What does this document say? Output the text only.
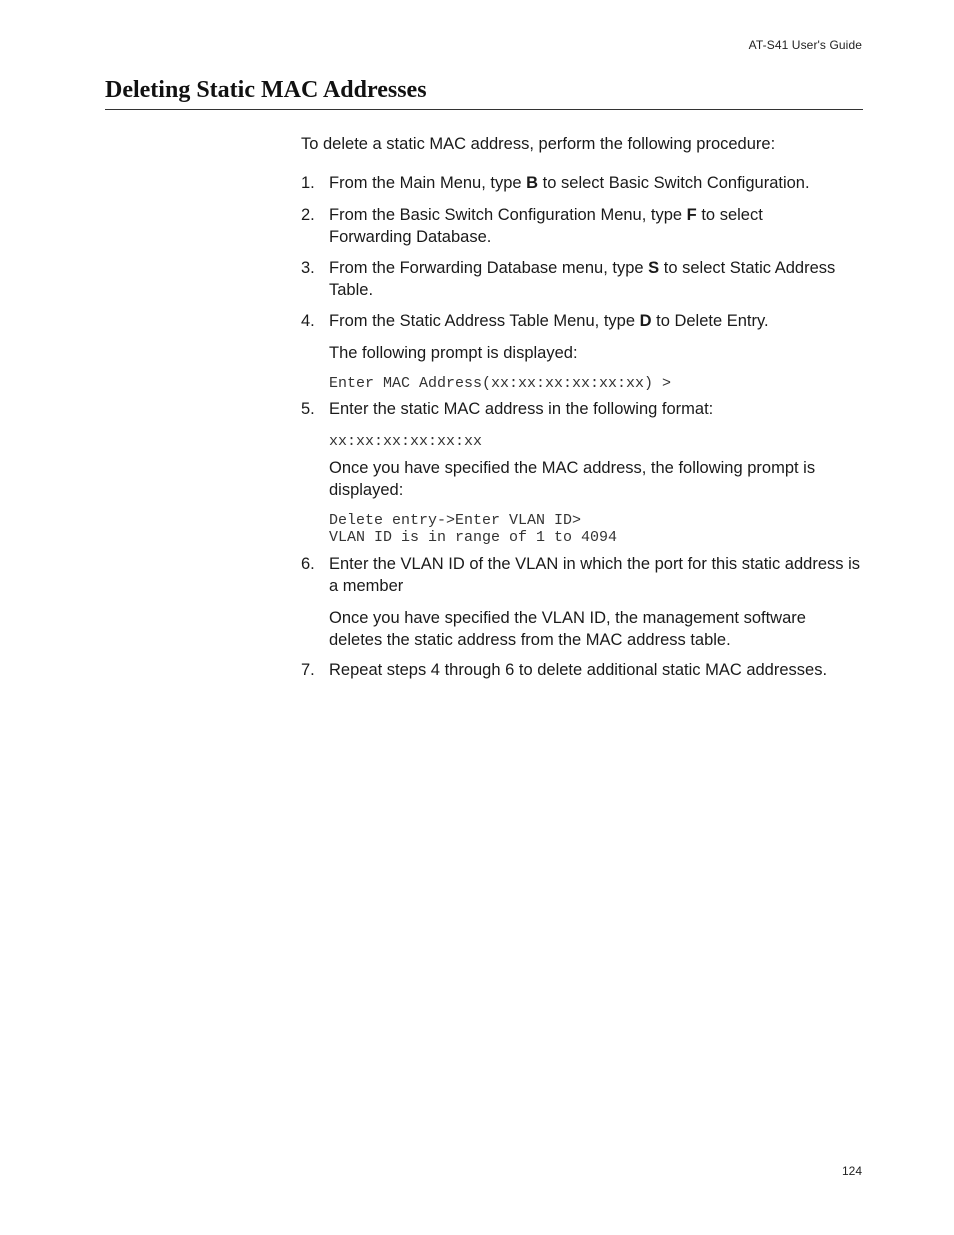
AT-S41 User's Guide
Deleting Static MAC Addresses

To delete a static MAC address, perform the following procedure:

1. From the Main Menu, type B to select Basic Switch Configuration.
2. From the Basic Switch Configuration Menu, type F to select Forwarding Database.
3. From the Forwarding Database menu, type S to select Static Address Table.
4. From the Static Address Table Menu, type D to Delete Entry.
The following prompt is displayed:
Enter MAC Address(xx:xx:xx:xx:xx:xx) >
5. Enter the static MAC address in the following format:
xx:xx:xx:xx:xx:xx
Once you have specified the MAC address, the following prompt is displayed:
Delete entry->Enter VLAN ID>
VLAN ID is in range of 1 to 4094
6. Enter the VLAN ID of the VLAN in which the port for this static address is a member
Once you have specified the VLAN ID, the management software deletes the static address from the MAC address table.
7. Repeat steps 4 through 6 to delete additional static MAC addresses.
124
